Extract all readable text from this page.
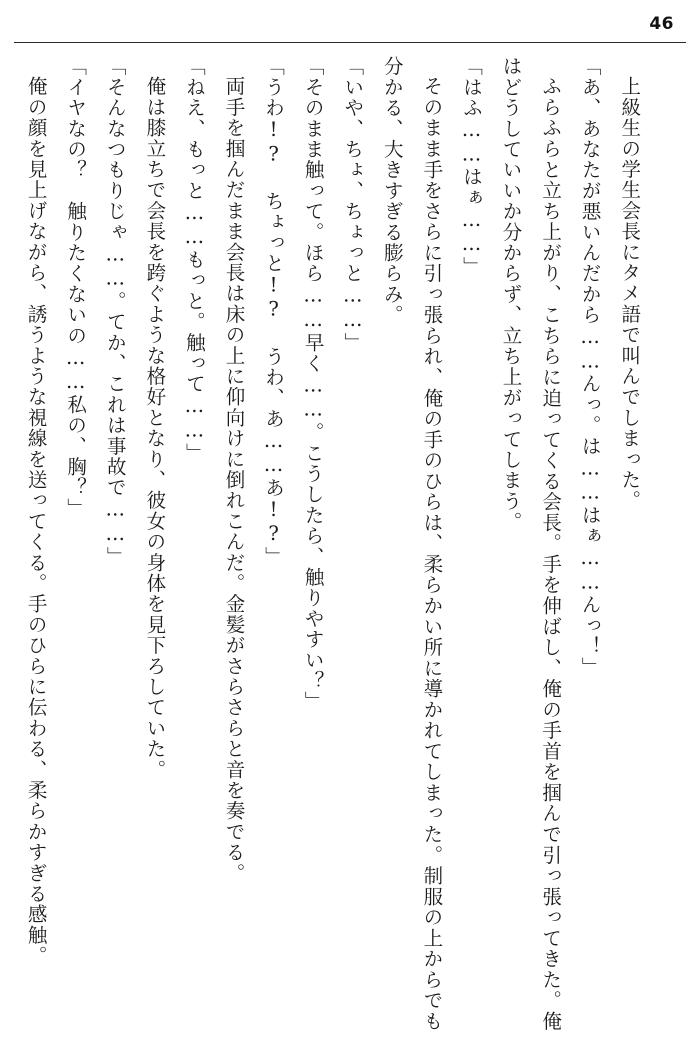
46

上級生の学生会長にタメ語で叫んでしまった。

「あ、あなたが悪いんだから……んっ。は……はぁ……んっ！」

ふらふらと立ち上がり、こちらに迫ってくる会長。手を伸ばし、俺の手首を掴んで引っ張ってきた。俺はどうしていいか分からず、立ち上がってしまう。

「はふ……はぁ……」

そのまま手をさらに引っ張られ、俺の手のひらは、柔らかい所に導かれてしまった。制服の上からでも分かる、大きすぎる膨らみ。

「いや、ちょ、ちょっと……」

「そのまま触って。ほら……早く……。こうしたら、触りやすい？」

「うわ!? ちょっと!? うわ、あ……あ!?」

両手を掴んだまま会長は床の上に仰向けに倒れこんだ。金髪がさらさらと音を奏でる。

「ねえ、もっと……もっと。触って……」

俺は膝立ちで会長を跨ぐような格好となり、彼女の身体を見下ろしていた。

「そんなつもりじゃ……。てか、これは事故で……」

「イヤなの？　触りたくないの……私の、胸？」

俺の顔を見上げながら、誘うような視線を送ってくる。手のひらに伝わる、柔らかすぎる感触。
